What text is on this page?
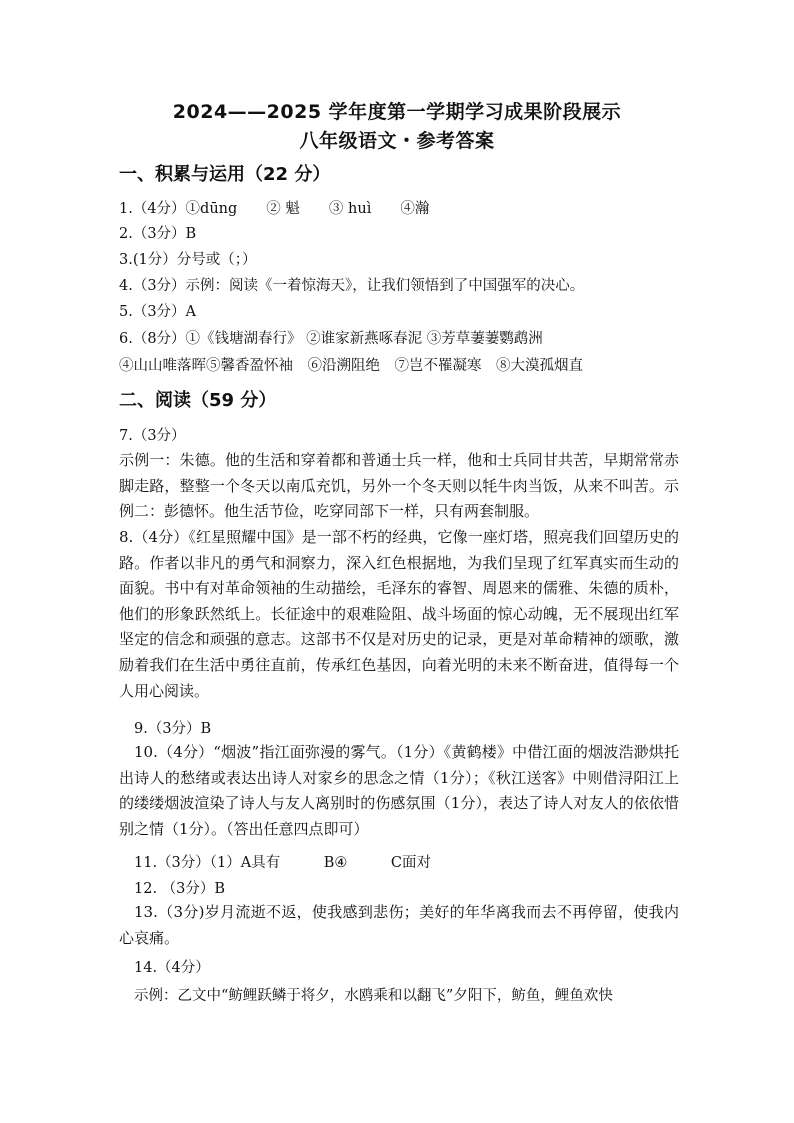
2024——2025 学年度第一学期学习成果阶段展示
八年级语文・参考答案
一、积累与运用（22 分）
1.（4分）①dūng　　② 魁　　③ huì　　④瀚
2.（3分）B
3.(1分）分号或（；）
4.（3分）示例：阅读《一着惊海天》，让我们领悟到了中国强军的决心。
5.（3分）A
6.（8分）①《钱塘湖春行》 ②谁家新燕啄春泥 ③芳草萋萋鹦鹉洲
④山山唯落晖⑤馨香盈怀袖　⑥沿溯阻绝　⑦岂不罹凝寒　⑧大漠孤烟直
二、阅读（59 分）
7.（3分）
示例一：朱德。他的生活和穿着都和普通士兵一样，他和士兵同甘共苦，早期常常赤脚走路，整整一个冬天以南瓜充饥，另外一个冬天则以牦牛肉当饭，从来不叫苦。示例二：彭德怀。他生活节俭，吃穿同部下一样，只有两套制服。
8.（4分）《红星照耀中国》是一部不朽的经典，它像一座灯塔，照亮我们回望历史的路。作者以非凡的勇气和洞察力，深入红色根据地，为我们呈现了红军真实而生动的面貌。书中有对革命领袖的生动描绘，毛泽东的睿智、周恩来的儒雅、朱德的质朴，他们的形象跃然纸上。长征途中的艰难险阻、战斗场面的惊心动魄，无不展现出红军坚定的信念和顽强的意志。这部书不仅是对历史的记录，更是对革命精神的颂歌，激励着我们在生活中勇往直前，传承红色基因，向着光明的未来不断奋进，值得每一个人用心阅读。
9.（3分）B
10.（4分）“烟波”指江面弥漫的雾气。（1分）《黄鹤楼》中借江面的烟波浩渺烘托出诗人的愁绪或表达出诗人对家乡的思念之情（1分）；《秋江送客》中则借浔阳江上的缕缕烟波渲染了诗人与友人离别时的伤感氛围（1分），表达了诗人对友人的依依惜别之情（1分）。（答出任意四点即可）
11.（3分）（1）A具有　　　B④　　　C面对
12. （3分）B
13.（3分)岁月流逝不返，使我感到悲伤；美好的年华离我而去不再停留，使我内心哀痛。
14.（4分）
示例：乙文中“鲂鲤跃鳞于将夕，水鸥乘和以翻飞”夕阳下，鲂鱼，鲤鱼欢快
